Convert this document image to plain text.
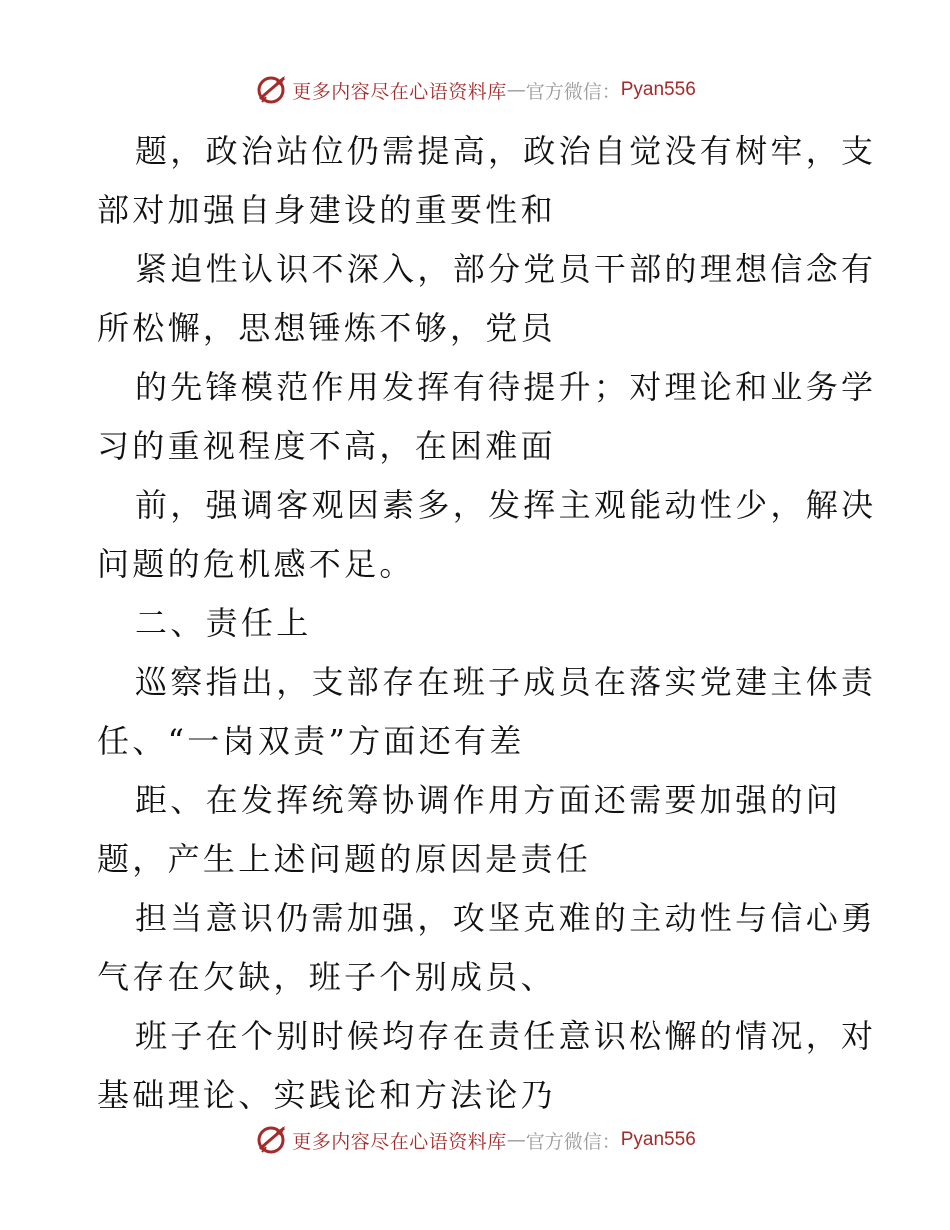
更多内容尽在心语资料库 — 官方微信： Pyan556
题，政治站位仍需提高，政治自觉没有树牢，支
部对加强自身建设的重要性和
紧迫性认识不深入，部分党员干部的理想信念有
所松懈，思想锤炼不够，党员
的先锋模范作用发挥有待提升；对理论和业务学
习的重视程度不高，在困难面
前，强调客观因素多，发挥主观能动性少，解决
问题的危机感不足。
二、责任上
巡察指出，支部存在班子成员在落实党建主体责
任、“一岗双责”方面还有差
距、在发挥统筹协调作用方面还需要加强的问
题，产生上述问题的原因是责任
担当意识仍需加强，攻坚克难的主动性与信心勇
气存在欠缺，班子个别成员、
班子在个别时候均存在责任意识松懈的情况，对
基础理论、实践论和方法论乃
更多内容尽在心语资料库 — 官方微信： Pyan556
